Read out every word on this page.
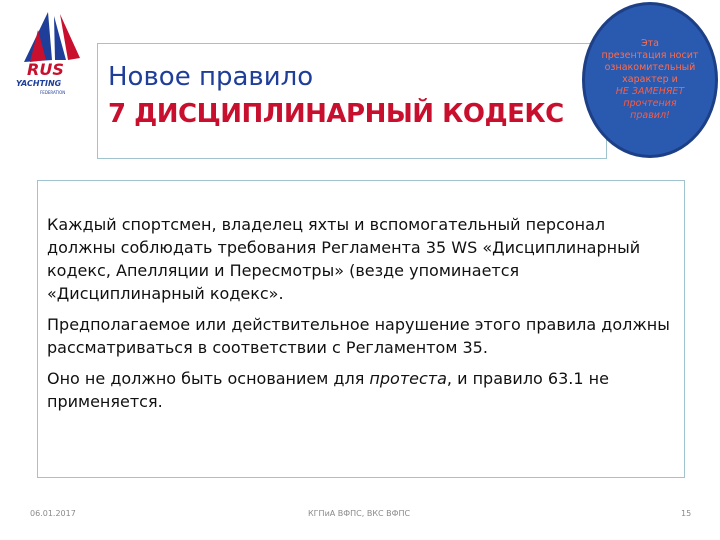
RUS
YACHTING
FEDERATION
Новое правило
7 ДИСЦИПЛИНАРНЫЙ КОДЕКС
Эта
презентация носит
ознакомительный
характер и
НЕ ЗАМЕНЯЕТ
прочтения
правил!

Каждый спортсмен, владелец яхты и вспомогательный персонал должны соблюдать требования Регламента 35 WS «Дисциплинарный кодекс, Апелляции и Пересмотры» (везде упоминается «Дисциплинарный кодекс».

Предполагаемое или действительное нарушение этого правила должны рассматриваться в соответствии с Регламентом 35.

Оно не должно быть основанием для протеста, и правило 63.1 не применяется.

06.01.2017	КГПиА ВФПС, ВКС ВФПС	15
